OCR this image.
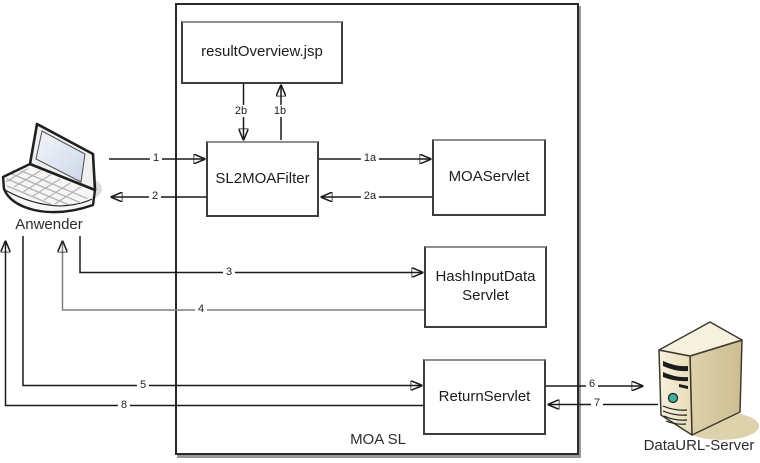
MOA SL
resultOverview.jsp
SL2MOAFilter	MOAServlet
HashInputData
Servlet
ReturnServlet
Anwender
DataURL-Server
1
2
1a
2a
1b
2b
3
4
5	6
7
8
